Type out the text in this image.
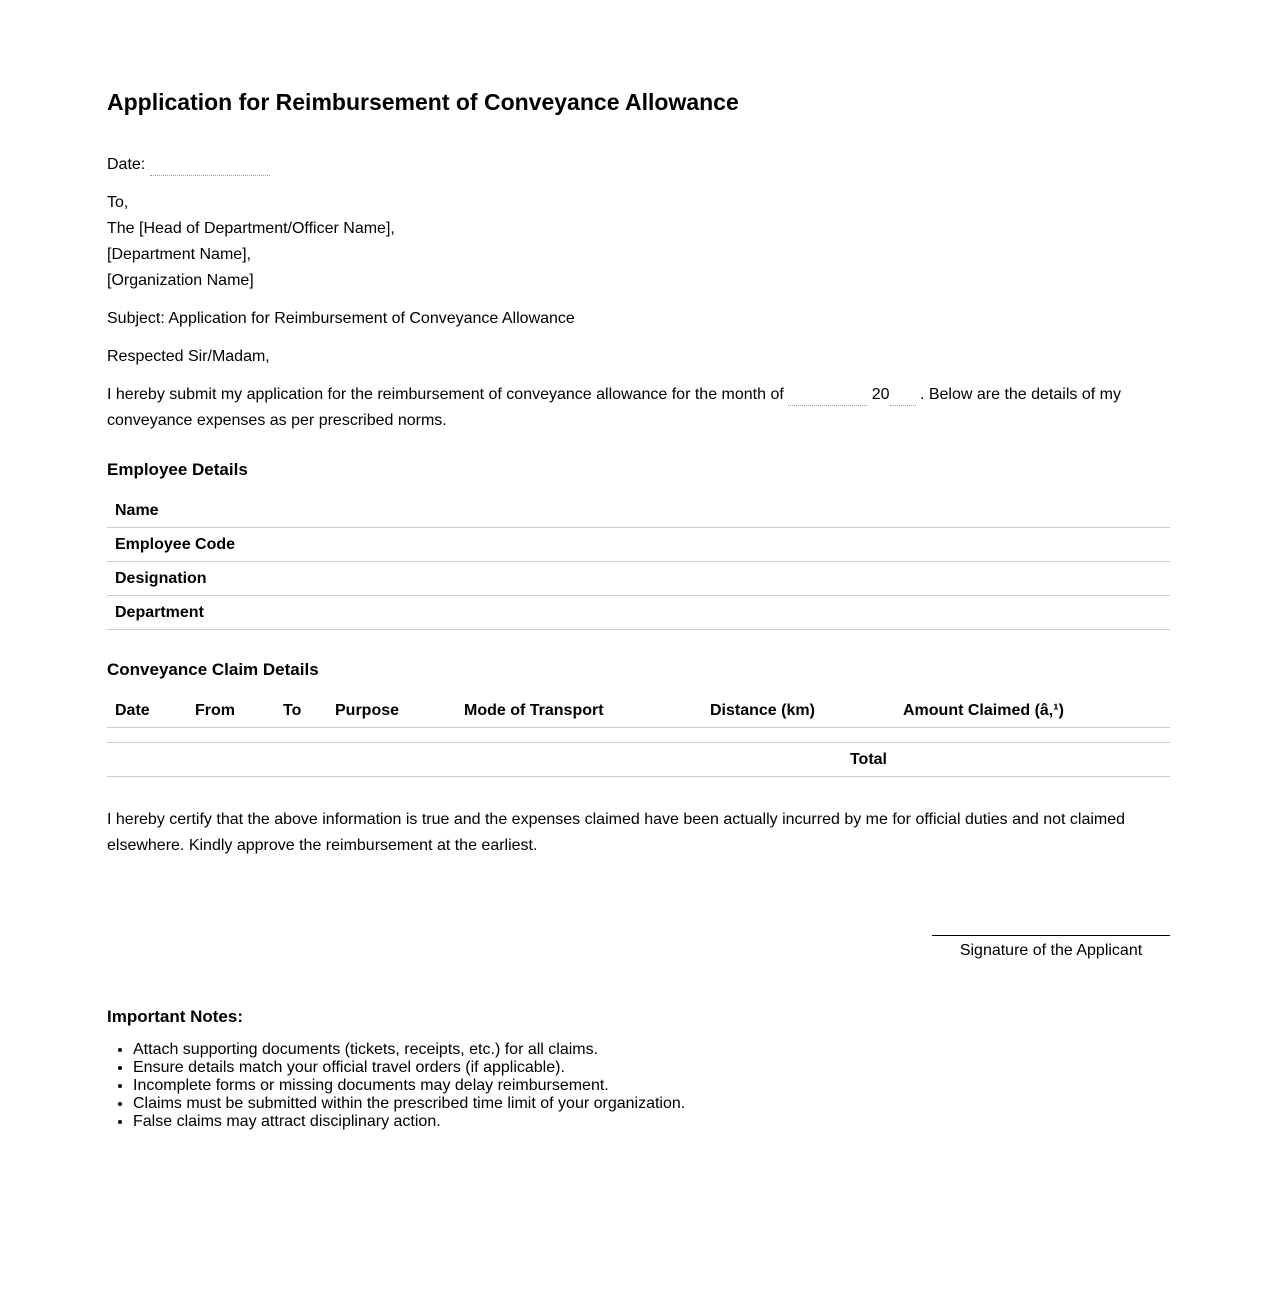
Application for Reimbursement of Conveyance Allowance

Date:

To,
The [Head of Department/Officer Name],
[Department Name],
[Organization Name]

Subject: Application for Reimbursement of Conveyance Allowance

Respected Sir/Madam,

I hereby submit my application for the reimbursement of conveyance allowance for the month of	20 . Below are the details of my conveyance expenses as per prescribed norms.

Employee Details
Name	
Employee Code	
Designation	
Department	
Conveyance Claim Details
Date	From	To	Purpose	Mode of Transport	Distance (km)	Amount Claimed (â‚¹)

					Total	

I hereby certify that the above information is true and the expenses claimed have been actually incurred by me for official duties and not claimed elsewhere. Kindly approve the reimbursement at the earliest.

Signature of the Applicant
Important Notes:
• Attach supporting documents (tickets, receipts, etc.) for all claims.
• Ensure details match your official travel orders (if applicable).
• Incomplete forms or missing documents may delay reimbursement.
• Claims must be submitted within the prescribed time limit of your organization.
• False claims may attract disciplinary action.
